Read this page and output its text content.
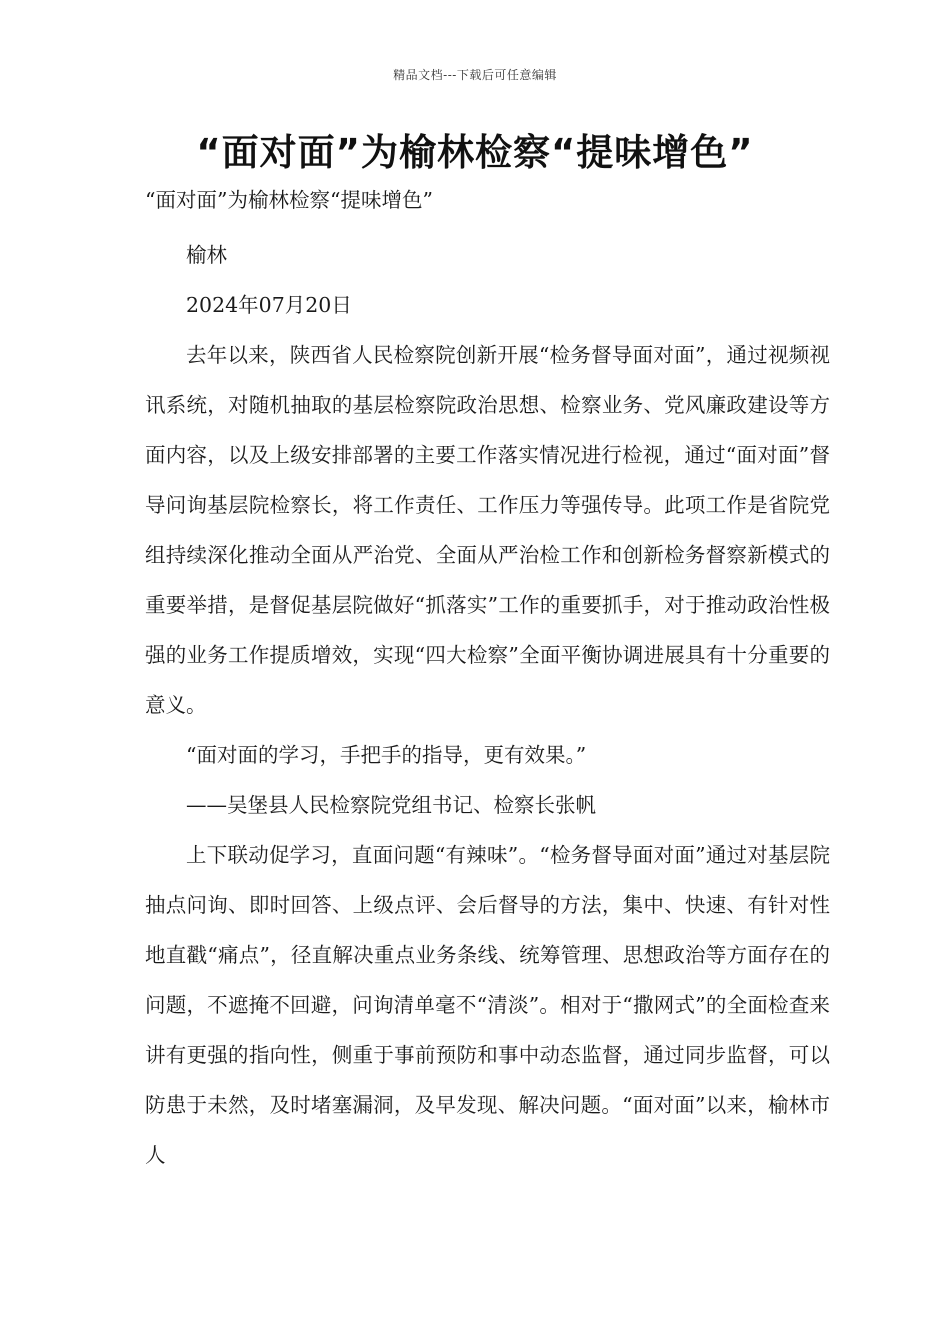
精品文档---下载后可任意编辑
“面对面”为榆林检察“提味增色”

“面对面”为榆林检察“提味增色”

榆林

2024年07月20日

去年以来，陕西省人民检察院创新开展“检务督导面对面”，通过视频视讯系统，对随机抽取的基层检察院政治思想、检察业务、党风廉政建设等方面内容，以及上级安排部署的主要工作落实情况进行检视，通过“面对面”督导问询基层院检察长，将工作责任、工作压力等强传导。此项工作是省院党组持续深化推动全面从严治党、全面从严治检工作和创新检务督察新模式的重要举措，是督促基层院做好“抓落实”工作的重要抓手，对于推动政治性极强的业务工作提质增效，实现“四大检察”全面平衡协调进展具有十分重要的意义。

“面对面的学习，手把手的指导，更有效果。”

——吴堡县人民检察院党组书记、检察长张帆

上下联动促学习，直面问题“有辣味”。“检务督导面对面”通过对基层院抽点问询、即时回答、上级点评、会后督导的方法，集中、快速、有针对性地直戳“痛点”，径直解决重点业务条线、统筹管理、思想政治等方面存在的问题，不遮掩不回避，问询清单毫不“清淡”。相对于“撒网式”的全面检查来讲有更强的指向性，侧重于事前预防和事中动态监督，通过同步监督，可以防患于未然，及时堵塞漏洞，及早发现、解决问题。“面对面”以来，榆林市人
